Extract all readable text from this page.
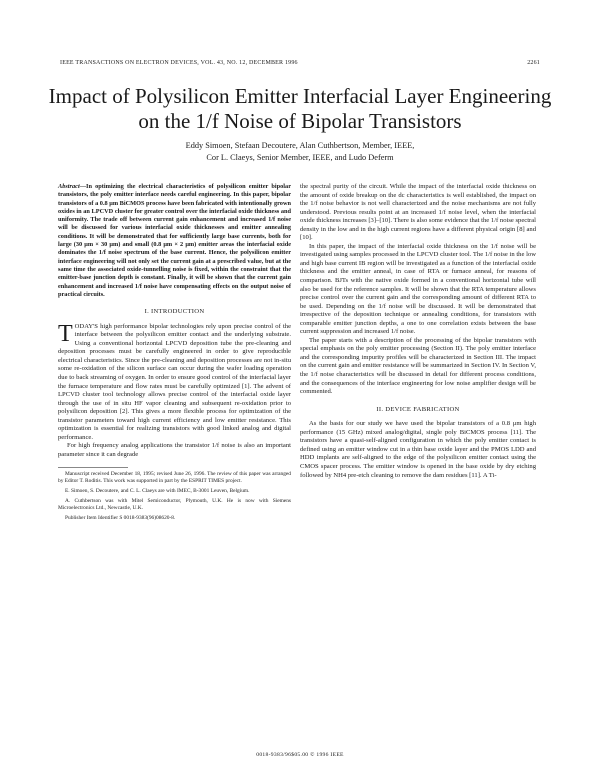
IEEE TRANSACTIONS ON ELECTRON DEVICES, VOL. 43, NO. 12, DECEMBER 1996	2261
Impact of Polysilicon Emitter Interfacial Layer Engineering on the 1/f Noise of Bipolar Transistors
Eddy Simoen, Stefaan Decoutere, Alan Cuthbertson, Member, IEEE,
Cor L. Claeys, Senior Member, IEEE, and Ludo Deferm

Abstract—In optimizing the electrical characteristics of polysilicon emitter bipolar transistors, the poly emitter interface needs careful engineering. In this paper, bipolar transistors of a 0.8 μm BiCMOS process have been fabricated with intentionally grown oxides in an LPCVD cluster for greater control over the interfacial oxide thickness and uniformity. The trade off between current gain enhancement and increased 1/f noise will be discussed for various interfacial oxide thicknesses and emitter annealing conditions. It will be demonstrated that for sufficiently large base currents, both for large (30 μm × 30 μm) and small (0.8 μm × 2 μm) emitter areas the interfacial oxide dominates the 1/f noise spectrum of the base current. Hence, the polysilicon emitter interface engineering will not only set the current gain at a prescribed value, but at the same time the associated oxide-tunnelling noise is fixed, within the constraint that the emitter-base junction depth is constant. Finally, it will be shown that the current gain enhancement and increased 1/f noise have compensating effects on the output noise of practical circuits.

I. INTRODUCTION

TODAY'S high performance bipolar technologies rely upon precise control of the interface between the polysilicon emitter contact and the underlying substrate. Using a conventional horizontal LPCVD deposition tube the pre-cleaning and deposition processes must be carefully engineered in order to give reproducible electrical characteristics. Since the pre-cleaning and deposition processes are not in-situ some re-oxidation of the silicon surface can occur during the wafer loading operation due to back streaming of oxygen. In order to ensure good control of the interfacial layer the furnace temperature and flow rates must be carefully optimized [1]. The advent of LPCVD cluster tool technology allows precise control of the interfacial oxide layer through the use of in situ HF vapor cleaning and subsequent re-oxidation prior to polysilicon deposition [2]. This gives a more flexible process for optimization of the transistor parameters toward high current efficiency and low emitter resistance. This optimization is essential for realizing transistors with good linked analog and digital performance.

For high frequency analog applications the transistor 1/f noise is also an important parameter since it can degrade

Manuscript received December 18, 1995; revised June 26, 1996. The review of this paper was arranged by Editor T. Roditis. This work was supported in part by the ESPRIT TIMES project.

E. Simoen, S. Decoutere, and C. L. Claeys are with IMEC, B-3001 Leuven, Belgium.

A. Cuthbertson was with Mitel Semiconductor, Plymouth, U.K. He is now with Siemens Microelectronics Ltd., Newcastle, U.K.

Publisher Item Identifier S 0018-9383(96)08620-8.

the spectral purity of the circuit. While the impact of the interfacial oxide thickness on the amount of oxide breakup on the dc characteristics is well established, the impact on the 1/f noise behavior is not well characterized and the noise mechanisms are not fully understood. Previous results point at an increased 1/f noise level, when the interfacial oxide thickness increases [3]–[10]. There is also some evidence that the 1/f noise spectral density in the low and in the high current regions have a different physical origin [8] and [10].

In this paper, the impact of the interfacial oxide thickness on the 1/f noise will be investigated using samples processed in the LPCVD cluster tool. The 1/f noise in the low and high base current IB region will be investigated as a function of the interfacial oxide thickness and the emitter anneal, in case of RTA or furnace anneal, for reasons of comparison. BJTs with the native oxide formed in a conventional horizontal tube will also be used for the reference samples. It will be shown that the RTA temperature allows precise control over the current gain and the corresponding amount of different RTA to be used. Depending on the 1/f noise will be discussed. It will be demonstrated that irrespective of the deposition technique or annealing conditions, for transistors with comparable emitter junction depths, a one to one correlation exists between the base current suppression and increased 1/f noise.

The paper starts with a description of the processing of the bipolar transistors with special emphasis on the poly emitter processing (Section II). The poly emitter interface and the corresponding impurity profiles will be characterized in Section III. The impact on the current gain and emitter resistance will be summarized in Section IV. In Section V, the 1/f noise characteristics will be discussed in detail for different process conditions, and the consequences of the interface engineering for low noise amplifier design will be commented.

II. DEVICE FABRICATION

As the basis for our study we have used the bipolar transistors of a 0.8 μm high performance (15 GHz) mixed analog/digital, single poly BiCMOS process [11]. The transistors have a quasi-self-aligned configuration in which the poly emitter contact is defined using an emitter window cut in a thin base oxide layer and the PMOS LDD and HDD implants are self-aligned to the edge of the polysilicon emitter contact using the CMOS spacer process. The emitter window is opened in the base oxide by dry etching followed by NH4 pre-etch cleaning to remove the dam residues [11]. A Ti-

0018-9383/96$05.00 © 1996 IEEE
